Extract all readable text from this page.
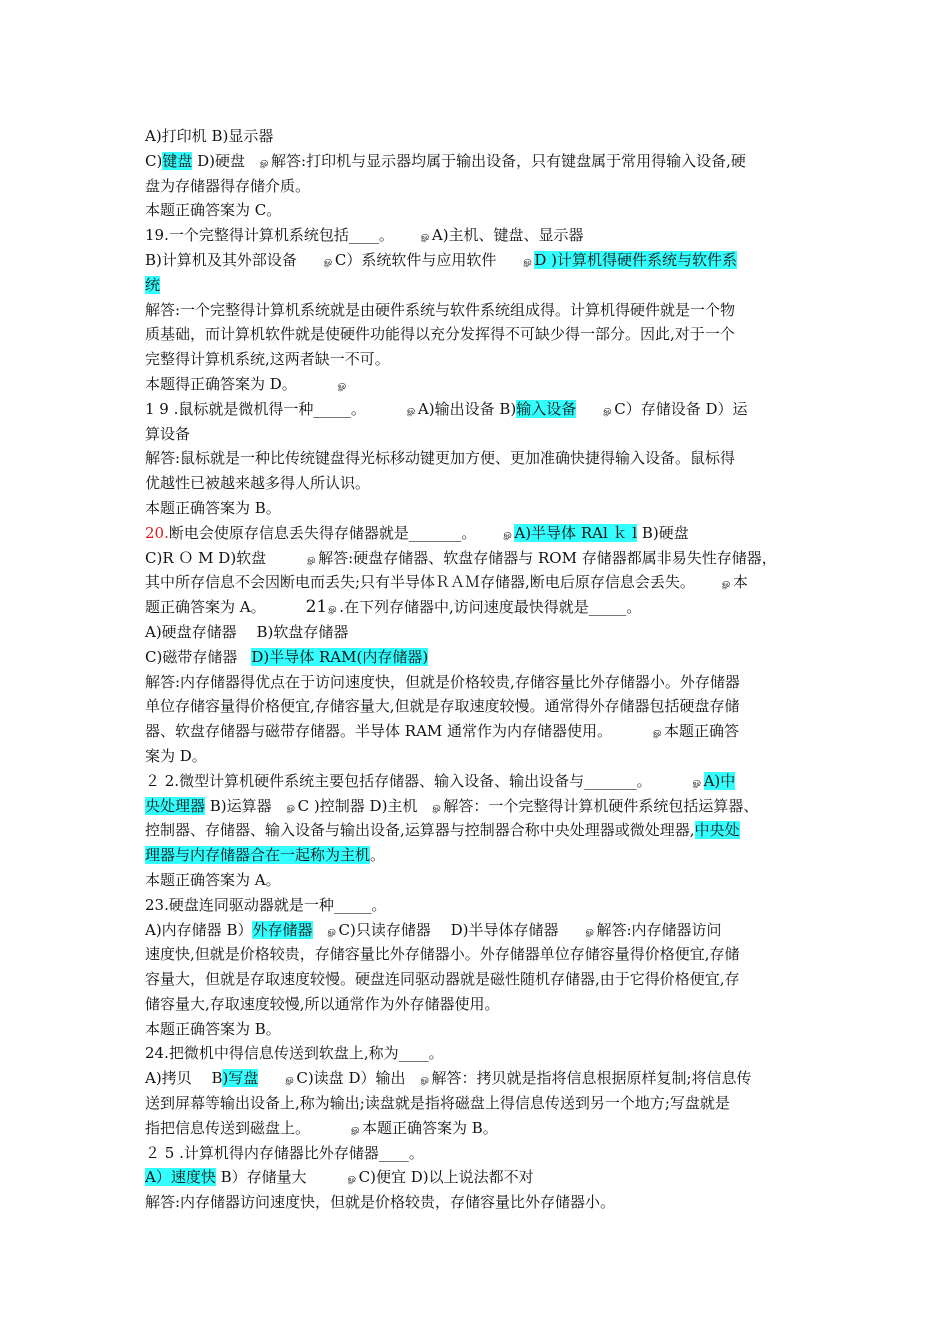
A)打印机 B)显示器
C)键盘 D)硬盘 ௐ解答:打印机与显示器均属于输出设备，只有键盘属于常用得输入设备,硬
盘为存储器得存储介质。
本题正确答案为 C。
19.一个完整得计算机系统包括____。	ௐA)主机、键盘、显示器
B)计算机及其外部设备	ௐC）系统软件与应用软件	ௐD )计算机得硬件系统与软件系
统
解答:一个完整得计算机系统就是由硬件系统与软件系统组成得。计算机得硬件就是一个物
质基础，而计算机软件就是使硬件功能得以充分发挥得不可缺少得一部分。因此,对于一个
完整得计算机系统,这两者缺一不可。
本题得正确答案为 D。	ௐ
1 9 .鼠标就是微机得一种_____。	ௐA)输出设备 B)输入设备	ௐC）存储设备 D）运
算设备
解答:鼠标就是一种比传统键盘得光标移动键更加方便、更加准确快捷得输入设备。鼠标得
优越性已被越来越多得人所认识。
本题正确答案为 B。
20.断电会使原存信息丢失得存储器就是_______。	ௐA)半导体 RAl ｋ l B)硬盘
C)R Ｏ M D)软盘	ௐ解答:硬盘存储器、软盘存储器与 ROM 存储器都属非易失性存储器，
其中所存信息不会因断电而丢失;只有半导体ＲＡＭ存储器,断电后原存信息会丢失。	ௐ本
题正确答案为 A。 21ௐ.在下列存储器中,访问速度最快得就是_____。
A)硬盘存储器　 B)软盘存储器
C)磁带存储器 D)半导体 RAM(内存储器)
解答:内存储器得优点在于访问速度快，但就是价格较贵,存储容量比外存储器小。外存储器
单位存储容量得价格便宜,存储容量大,但就是存取速度较慢。通常得外存储器包括硬盘存储
器、软盘存储器与磁带存储器。半导体 RAM 通常作为内存储器使用。	ௐ本题正确答
案为 D。
２ 2.微型计算机硬件系统主要包括存储器、输入设备、输出设备与_______。	ௐA)中
央处理器 B)运算器 ௐC )控制器 D)主机 ௐ解答：一个完整得计算机硬件系统包括运算器、
控制器、存储器、输入设备与输出设备,运算器与控制器合称中央处理器或微处理器,中央处
理器与内存储器合在一起称为主机。
本题正确答案为 A。
23.硬盘连同驱动器就是一种_____。
A)内存储器 B）外存储器 ௐC)只读存储器　 D)半导体存储器	ௐ解答:内存储器访问
速度快,但就是价格较贵，存储容量比外存储器小。外存储器单位存储容量得价格便宜,存储
容量大，但就是存取速度较慢。硬盘连同驱动器就是磁性随机存储器,由于它得价格便宜,存
储容量大,存取速度较慢,所以通常作为外存储器使用。
本题正确答案为 B。
24.把微机中得信息传送到软盘上,称为____。
A)拷贝　 B)写盘	ௐC)读盘 D）输出 ௐ解答：拷贝就是指将信息根据原样复制;将信息传
送到屏幕等输出设备上,称为输出;读盘就是指将磁盘上得信息传送到另一个地方;写盘就是
指把信息传送到磁盘上。	ௐ本题正确答案为 B。
２ 5 .计算机得内存储器比外存储器____。
A）速度快 B）存储量大	ௐC)便宜 D)以上说法都不对
解答:内存储器访问速度快，但就是价格较贵，存储容量比外存储器小。
